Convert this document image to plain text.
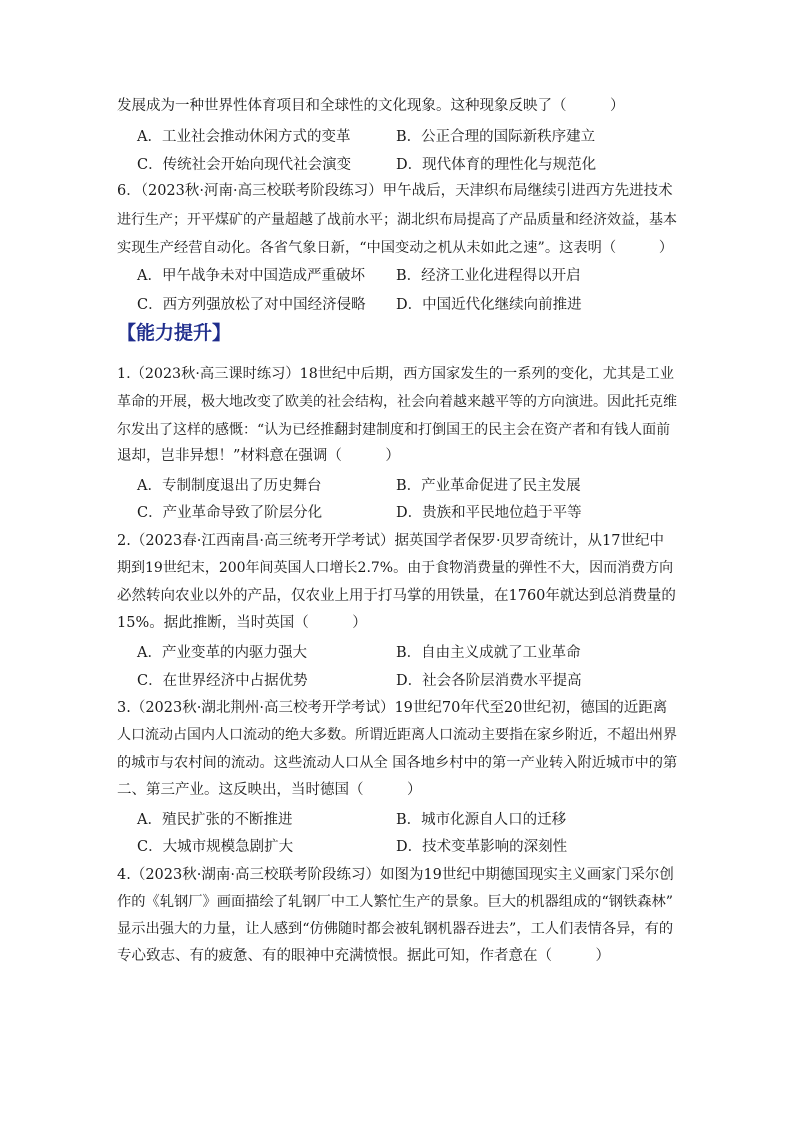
发展成为一种世界性体育项目和全球性的文化现象。这种现象反映了（　　　）
A．工业社会推动休闲方式的变革	B．公正合理的国际新秩序建立
C．传统社会开始向现代社会演变	D．现代体育的理性化与规范化
6．（2023秋·河南·高三校联考阶段练习）甲午战后，天津织布局继续引进西方先进技术
进行生产；开平煤矿的产量超越了战前水平；湖北织布局提高了产品质量和经济效益，基本
实现生产经营自动化。各省气象日新，“中国变动之机从未如此之速”。这表明（　　　）
A．甲午战争未对中国造成严重破坏 B．经济工业化进程得以开启
C．西方列强放松了对中国经济侵略 D．中国近代化继续向前推进
【能力提升】
1.（2023秋·高三课时练习）18世纪中后期，西方国家发生的一系列的变化，尤其是工业
革命的开展，极大地改变了欧美的社会结构，社会向着越来越平等的方向演进。因此托克维
尔发出了这样的感慨：“认为已经推翻封建制度和打倒国王的民主会在资产者和有钱人面前
退却，岂非异想！”材料意在强调（　　　）
A．专制制度退出了历史舞台	B．产业革命促进了民主发展
C．产业革命导致了阶层分化	D．贵族和平民地位趋于平等
2.（2023春·江西南昌·高三统考开学考试）据英国学者保罗·贝罗奇统计，从17世纪中
期到19世纪末，200年间英国人口增长2.7%。由于食物消费量的弹性不大，因而消费方向
必然转向农业以外的产品，仅农业上用于打马掌的用铁量，在1760年就达到总消费量的
15%。据此推断，当时英国（　　　）
A．产业变革的内驱力强大	B．自由主义成就了工业革命
C．在世界经济中占据优势	D．社会各阶层消费水平提高
3.（2023秋·湖北荆州·高三校考开学考试）19世纪70年代至20世纪初，德国的近距离
人口流动占国内人口流动的绝大多数。所谓近距离人口流动主要指在家乡附近，不超出州界
的城市与农村间的流动。这些流动人口从全 国各地乡村中的第一产业转入附近城市中的第
二、第三产业。这反映出，当时德国（　　　）
A．殖民扩张的不断推进	B．城市化源自人口的迁移
C．大城市规模急剧扩大	D．技术变革影响的深刻性
4.（2023秋·湖南·高三校联考阶段练习）如图为19世纪中期德国现实主义画家门采尔创
作的《轧钢厂》画面描绘了轧钢厂中工人繁忙生产的景象。巨大的机器组成的“钢铁森林”
显示出强大的力量，让人感到“仿佛随时都会被轧钢机器吞进去”，工人们表情各异，有的
专心致志、有的疲惫、有的眼神中充满愤恨。据此可知，作者意在（　　　）
